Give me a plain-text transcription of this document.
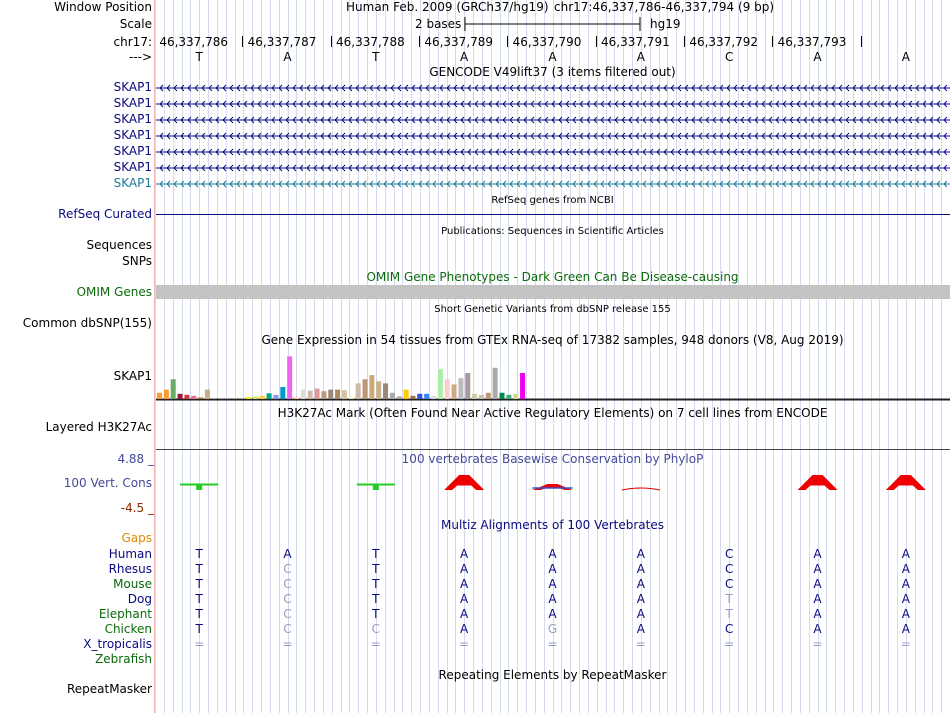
Window Position	Human Feb. 2009 (GRCh37/hg19) chr17:46,337,786-46,337,794 (9 bp)
Scale	2 bases	hg19
chr17:
--->
46,337,786 46,337,787 46,337,788 46,337,789 46,337,790 46,337,791 46,337,792 46,337,793
T	A	T	A	A	A	C	A	A
GENCODE V49lift37 (3 items filtered out)
SKAP1
SKAP1
SKAP1
SKAP1
SKAP1
SKAP1
SKAP1
RefSeq genes from NCBI
RefSeq Curated
Publications: Sequences in Scientific Articles
Sequences
SNPs
OMIM Gene Phenotypes - Dark Green Can Be Disease-causing
OMIM Genes
Short Genetic Variants from dbSNP release 155
Common dbSNP(155)
Gene Expression in 54 tissues from GTEx RNA-seq of 17382 samples, 948 donors (V8, Aug 2019)
SKAP1
H3K27Ac Mark (Often Found Near Active Regulatory Elements) on 7 cell lines from ENCODE
Layered H3K27Ac
100 vertebrates Basewise Conservation by PhyloP
4.88 _
100 Vert. Cons
-4.5 _
Multiz Alignments of 100 Vertebrates
Gaps
Human	T	A	T	A	A	A	C	A	A
Rhesus	T	C	T	A	A	A	C	A	A
Mouse	T	C	T	A	A	A	C	A	A
Dog	T	C	T	A	A	A	T	A	A
Elephant	T	C	T	A	A	A	T	A	A
Chicken	T	C	C	A	G	A	C	A	A
X_tropicalis	=	=	=	=	=	=	=	=	=
Zebrafish
Repeating Elements by RepeatMasker
RepeatMasker
